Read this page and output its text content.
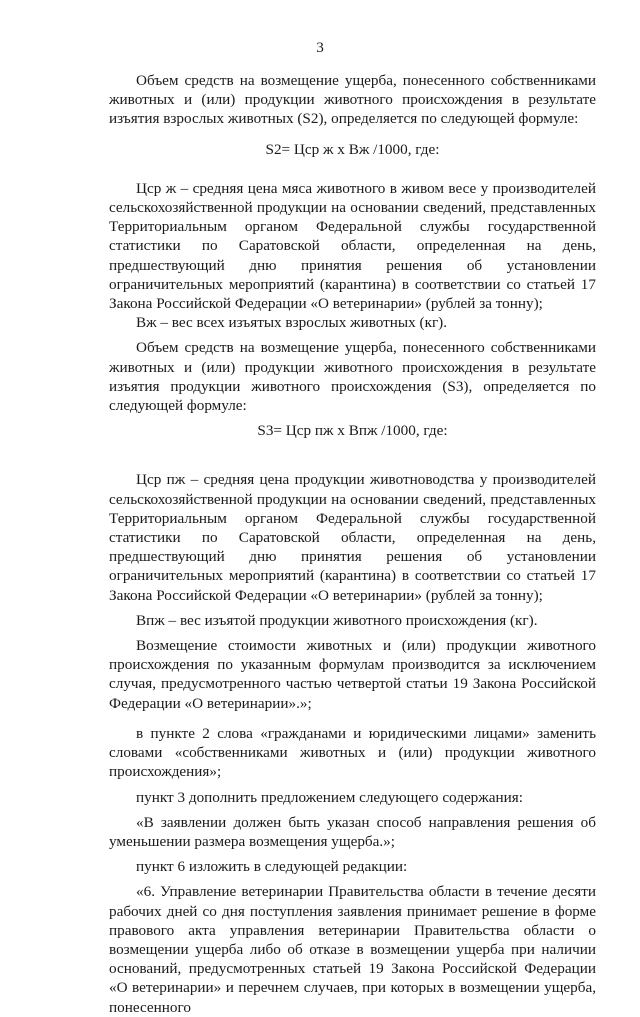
3

Объем средств на возмещение ущерба, понесенного собственниками животных и (или) продукции животного происхождения в результате изъятия взрослых животных (S2), определяется по следующей формуле:

S2= Цср ж х Вж /1000, где:

Цср ж – средняя цена мяса животного в живом весе у производителей сельскохозяйственной продукции на основании сведений, представленных Территориальным органом Федеральной службы государственной статистики по Саратовской области, определенная на день, предшествующий дню принятия решения об установлении ограничительных мероприятий (карантина) в соответствии со статьей 17 Закона Российской Федерации «О ветеринарии» (рублей за тонну);

Вж – вес всех изъятых взрослых животных (кг).

Объем средств на возмещение ущерба, понесенного собственниками животных и (или) продукции животного происхождения в результате изъятия продукции животного происхождения (S3), определяется по следующей формуле:

S3= Цср пж х Впж /1000, где:

Цср пж – средняя цена продукции животноводства у производителей сельскохозяйственной продукции на основании сведений, представленных Территориальным органом Федеральной службы государственной статистики по Саратовской области, определенная на день, предшествующий дню принятия решения об установлении ограничительных мероприятий (карантина) в соответствии со статьей 17 Закона Российской Федерации «О ветеринарии» (рублей за тонну);

Впж – вес изъятой продукции животного происхождения (кг).

Возмещение стоимости животных и (или) продукции животного происхождения по указанным формулам производится за исключением случая, предусмотренного частью четвертой статьи 19 Закона Российской Федерации «О ветеринарии».»;

в пункте 2 слова «гражданами и юридическими лицами» заменить словами «собственниками животных и (или) продукции животного происхождения»;

пункт 3 дополнить предложением следующего содержания:

«В заявлении должен быть указан способ направления решения об уменьшении размера возмещения ущерба.»;

пункт 6 изложить в следующей редакции:

«6. Управление ветеринарии Правительства области в течение десяти рабочих дней со дня поступления заявления принимает решение в форме правового акта управления ветеринарии Правительства области о возмещении ущерба либо об отказе в возмещении ущерба при наличии оснований, предусмотренных статьей 19 Закона Российской Федерации «О ветеринарии» и перечнем случаев, при которых в возмещении ущерба, понесенного
